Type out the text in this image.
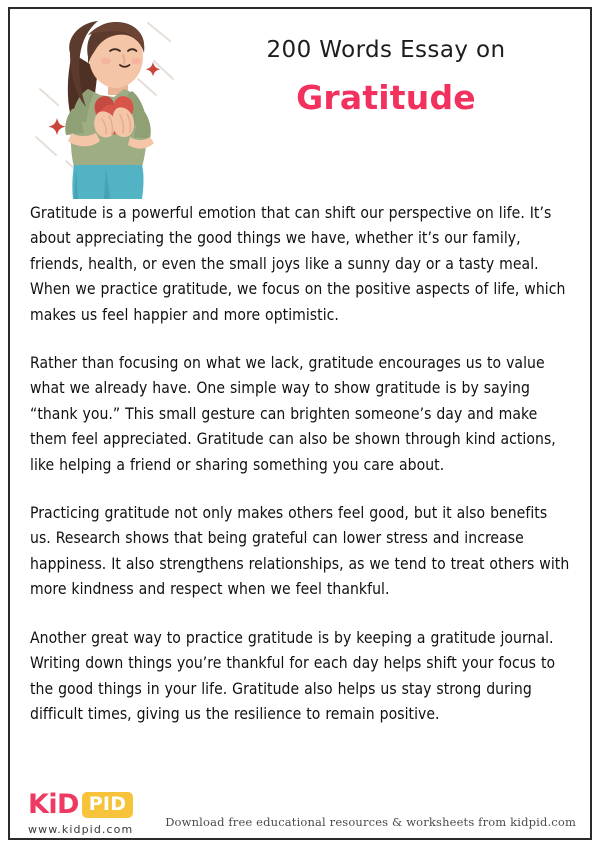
200 Words Essay on
Gratitude

Gratitude is a powerful emotion that can shift our perspective on life. It’s about appreciating the good things we have, whether it’s our family, friends, health, or even the small joys like a sunny day or a tasty meal. When we practice gratitude, we focus on the positive aspects of life, which makes us feel happier and more optimistic.

Rather than focusing on what we lack, gratitude encourages us to value what we already have. One simple way to show gratitude is by saying “thank you.” This small gesture can brighten someone’s day and make them feel appreciated. Gratitude can also be shown through kind actions, like helping a friend or sharing something you care about.

Practicing gratitude not only makes others feel good, but it also benefits us. Research shows that being grateful can lower stress and increase happiness. It also strengthens relationships, as we tend to treat others with more kindness and respect when we feel thankful.

Another great way to practice gratitude is by keeping a gratitude journal. Writing down things you’re thankful for each day helps shift your focus to the good things in your life. Gratitude also helps us stay strong during difficult times, giving us the resilience to remain positive.

KiD PID
www.kidpid.com
Download free educational resources & worksheets from kidpid.com
